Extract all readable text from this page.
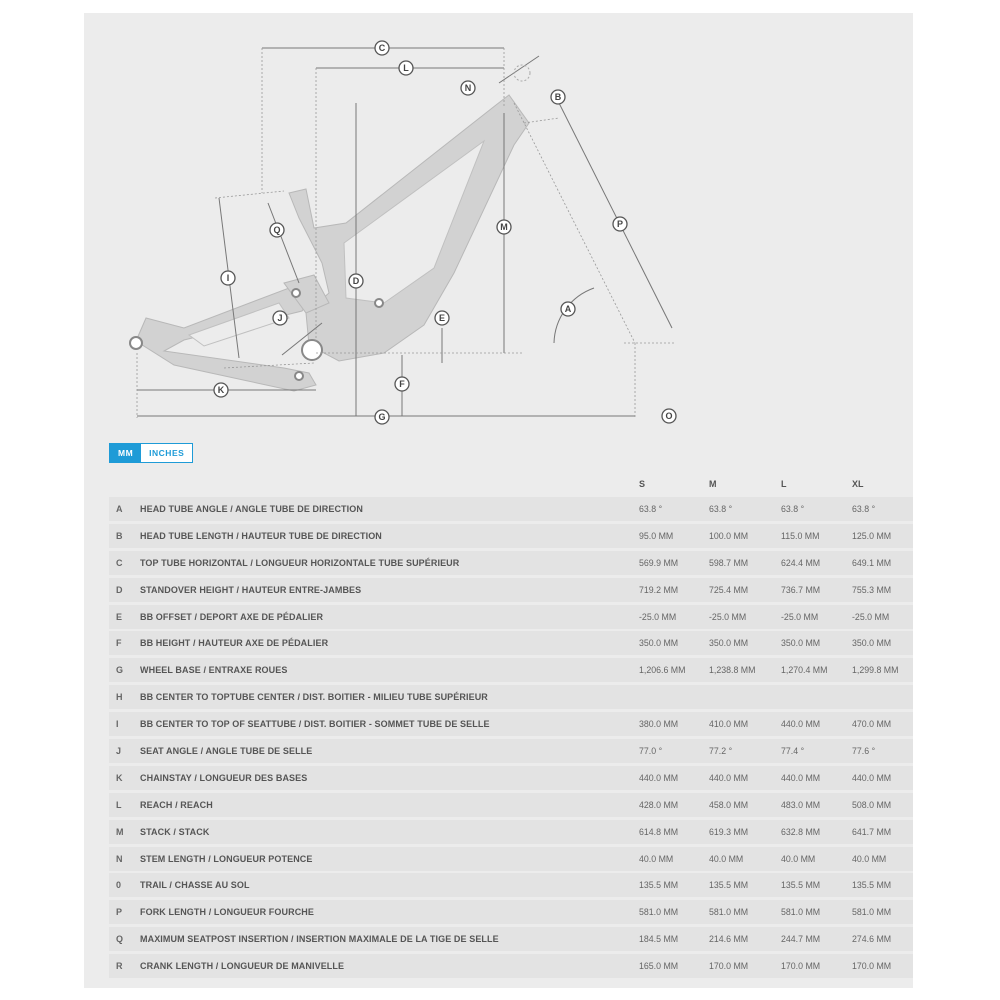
C
L
N
B
Q	M	P
I	D
A
J	E
F
K
G	O
MM	INCHES
S	M	L	XL
A HEAD TUBE ANGLE / ANGLE TUBE DE DIRECTION	63.8 °	63.8 °	63.8 °	63.8 °
B HEAD TUBE LENGTH / HAUTEUR TUBE DE DIRECTION	95.0 MM	100.0 MM	115.0 MM	125.0 MM
C TOP TUBE HORIZONTAL / LONGUEUR HORIZONTALE TUBE SUPÉRIEUR	569.9 MM	598.7 MM	624.4 MM	649.1 MM
D STANDOVER HEIGHT / HAUTEUR ENTRE-JAMBES	719.2 MM	725.4 MM	736.7 MM	755.3 MM
E BB OFFSET / DEPORT AXE DE PÉDALIER	-25.0 MM	-25.0 MM	-25.0 MM	-25.0 MM
F BB HEIGHT / HAUTEUR AXE DE PÉDALIER	350.0 MM	350.0 MM	350.0 MM	350.0 MM
G WHEEL BASE / ENTRAXE ROUES	1,206.6 MM	1,238.8 MM	1,270.4 MM	1,299.8 MM
H BB CENTER TO TOPTUBE CENTER / DIST. BOITIER - MILIEU TUBE SUPÉRIEUR
I BB CENTER TO TOP OF SEATTUBE / DIST. BOITIER - SOMMET TUBE DE SELLE	380.0 MM	410.0 MM	440.0 MM	470.0 MM
J SEAT ANGLE / ANGLE TUBE DE SELLE	77.0 °	77.2 °	77.4 °	77.6 °
K CHAINSTAY / LONGUEUR DES BASES	440.0 MM	440.0 MM	440.0 MM	440.0 MM
L REACH / REACH	428.0 MM	458.0 MM	483.0 MM	508.0 MM
M STACK / STACK	614.8 MM	619.3 MM	632.8 MM	641.7 MM
N STEM LENGTH / LONGUEUR POTENCE	40.0 MM	40.0 MM	40.0 MM	40.0 MM
0 TRAIL / CHASSE AU SOL	135.5 MM	135.5 MM	135.5 MM	135.5 MM
P FORK LENGTH / LONGUEUR FOURCHE	581.0 MM	581.0 MM	581.0 MM	581.0 MM
Q MAXIMUM SEATPOST INSERTION / INSERTION MAXIMALE DE LA TIGE DE SELLE	184.5 MM	214.6 MM	244.7 MM	274.6 MM
R CRANK LENGTH / LONGUEUR DE MANIVELLE	165.0 MM	170.0 MM	170.0 MM	170.0 MM
